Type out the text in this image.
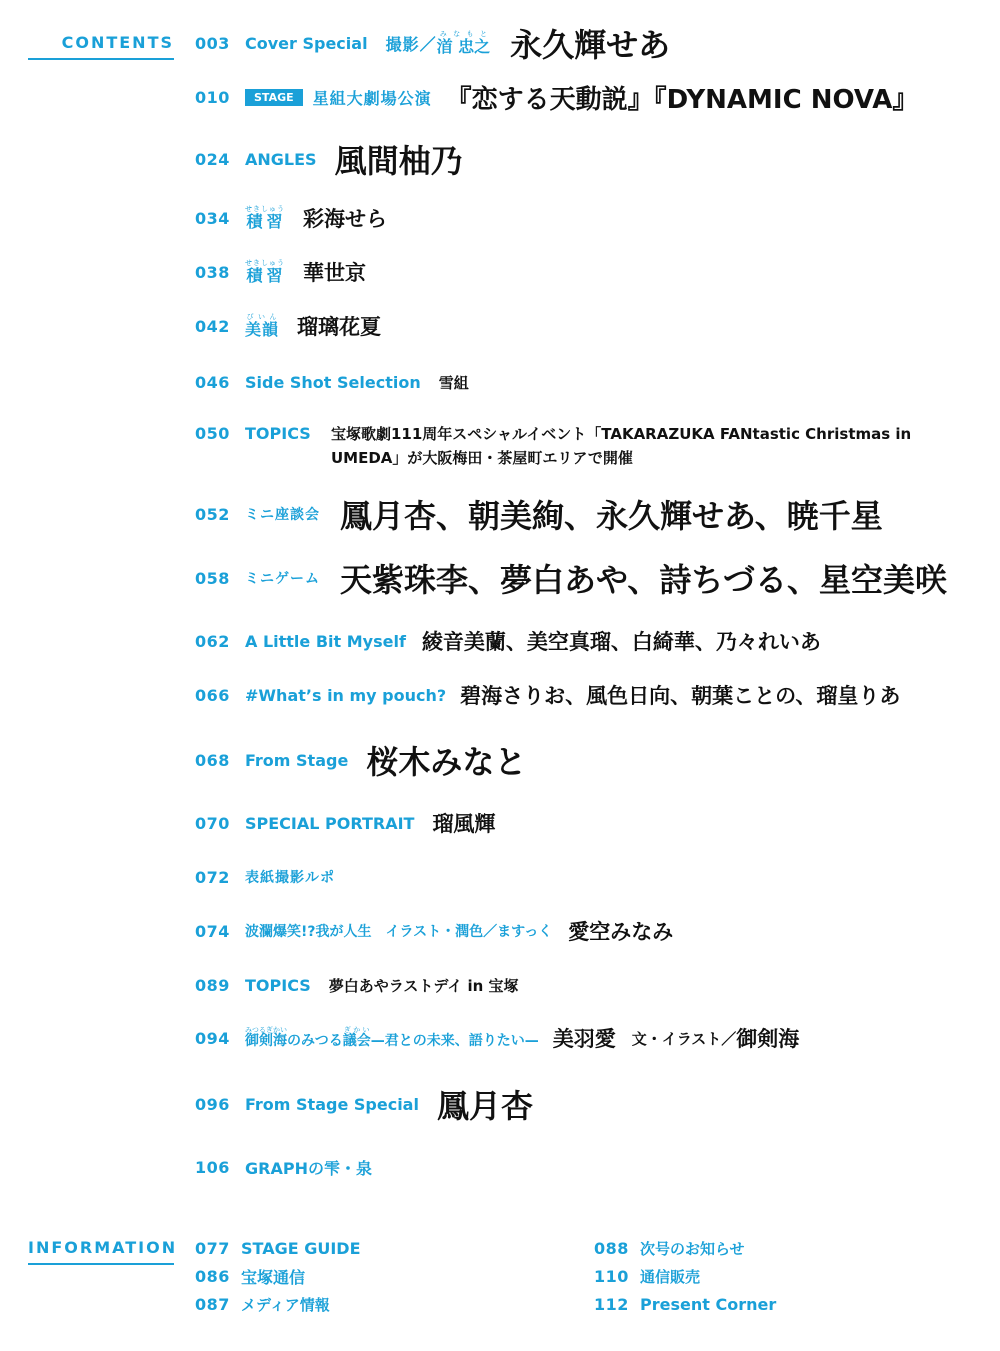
CONTENTS
INFORMATION
003 Cover Special 撮影／ 渞 忠之みなもと 永久輝せあ
010	STAGE	星組大劇場公演 『恋する天動説』『DYNAMIC NOVA』
024 ANGLES 風間柚乃
034 積習せきしゅう 彩海せら
038 積習せきしゅう 華世京
042 美韻びいん 瑠璃花夏
046 Side Shot Selection 雪組
050 TOPICS	宝塚歌劇111周年スペシャルイベント「TAKARAZUKA FANtastic Christmas in UMEDA」が大阪梅田・茶屋町エリアで開催
052	ミニ座談会 鳳月杏、朝美絢、永久輝せあ、暁千星
058	ミニゲーム 天紫珠李、夢白あや、詩ちづる、星空美咲
062 A Little Bit Myself 綾音美蘭、美空真瑠、白綺華、乃々れいあ
066 #What’s in my pouch? 碧海さりお、風色日向、朝葉ことの、瑠皇りあ
068 From Stage 桜木みなと
070 SPECIAL PORTRAIT 瑠風輝
072	表紙撮影ルポ
074	波瀾爆笑!?我が人生　イラスト・潤色／ますっく 愛空みなみ
089 TOPICS 夢白あやラストデイ in 宝塚
094	御剣海みつるぎかいのみつる議会ぎかい—君との未来、語りたい— 美羽愛 文・イラスト／ 御剣海
096 From Stage Special 鳳月杏
106 GRAPHの雫・泉
077 STAGE GUIDE
086 宝塚通信
087 メディア情報
088 次号のお知らせ
110 通信販売
112 Present Corner
